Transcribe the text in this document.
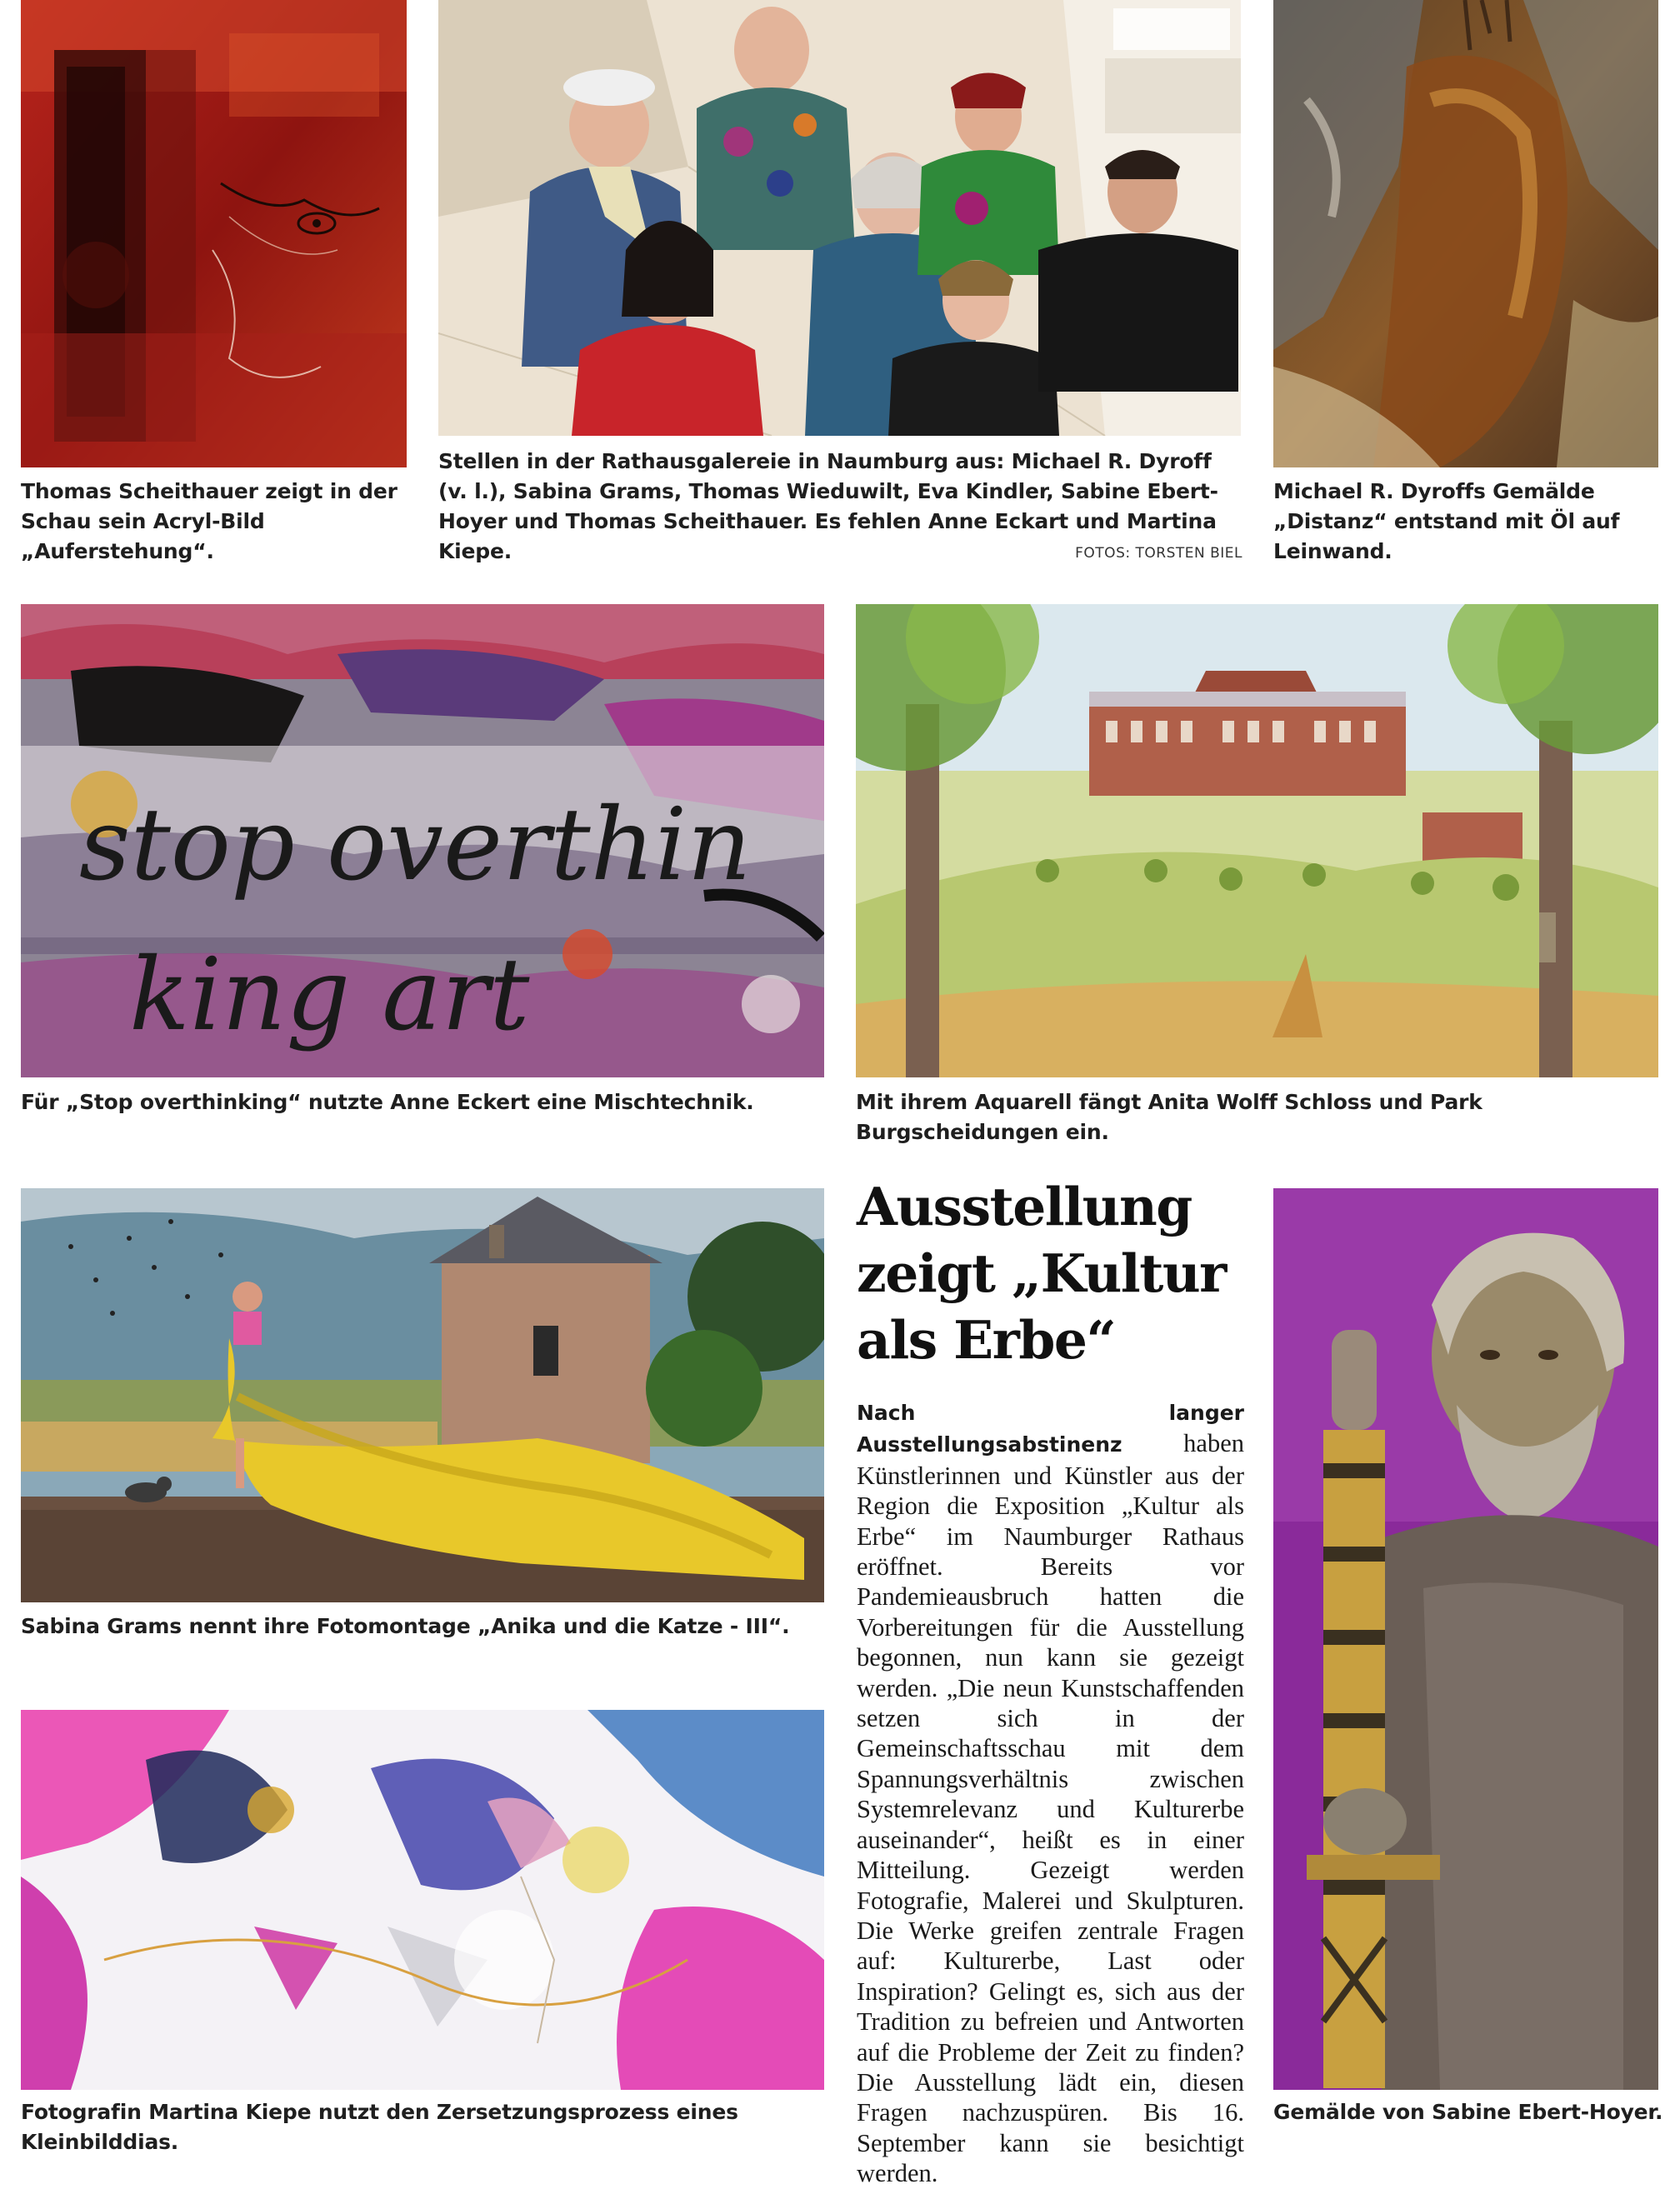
Thomas Scheithauer zeigt in der Schau sein Acryl-Bild „Auferstehung“.
Stellen in der Rathausgalereie in Naumburg aus: Michael R. Dyroff (v. l.), Sabina Grams, Thomas Wieduwilt, Eva Kindler, Sabine Ebert-Hoyer und Thomas Scheithauer. Es fehlen Anne Eckart und Martina Kiepe.	FOTOS: TORSTEN BIEL
Michael R. Dyroffs Gemälde „Distanz“ entstand mit Öl auf Leinwand.
stop overthin
king art
Für „Stop overthinking“ nutzte Anne Eckert eine Mischtechnik.	Mit ihrem Aquarell fängt Anita Wolff Schloss und Park Burgscheidungen ein.
Sabina Grams nennt ihre Fotomontage „Anika und die Katze - III“.
Fotografin Martina Kiepe nutzt den Zersetzungsprozess eines Kleinbilddias.
Ausstellung zeigt „Kultur als Erbe“
Nach langer Ausstellungsabstinenz haben Künstlerinnen und Künstler aus der Region die Exposition „Kultur als Erbe“ im Naumburger Rathaus eröffnet. Bereits vor Pandemieausbruch hatten die Vorbereitungen für die Ausstellung begonnen, nun kann sie gezeigt werden. „Die neun Kunstschaffenden setzen sich in der Gemeinschaftsschau mit dem Spannungsverhältnis zwischen Systemrelevanz und Kulturerbe auseinander“, heißt es in einer Mitteilung. Gezeigt werden Fotografie, Malerei und Skulpturen. Die Werke greifen zentrale Fragen auf: Kulturerbe, Last oder Inspiration? Gelingt es, sich aus der Tradition zu befreien und Antworten auf die Probleme der Zeit zu finden? Die Ausstellung lädt ein, diesen Fragen nachzuspüren. Bis 16. September kann sie besichtigt werden.
Gemälde von Sabine Ebert-Hoyer.
